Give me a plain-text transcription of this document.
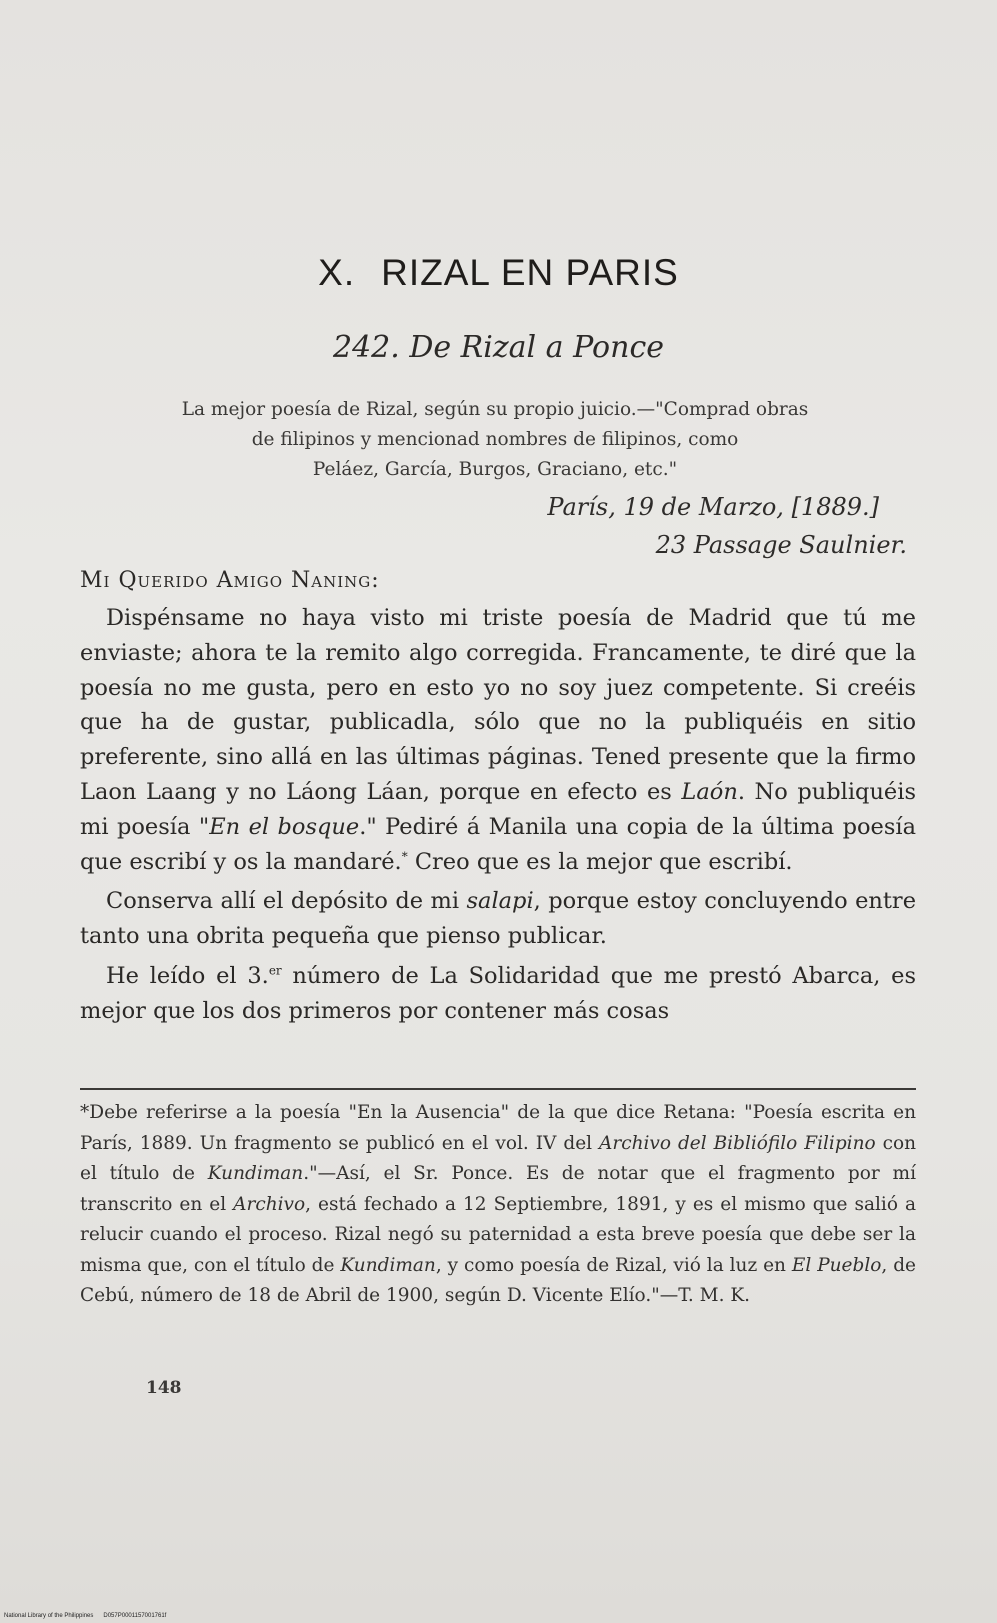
X. RIZAL EN PARIS
242. De Rizal a Ponce
La mejor poesía de Rizal, según su propio juicio.—"Comprad obras
de filipinos y mencionad nombres de filipinos, como
Peláez, García, Burgos, Graciano, etc."
París, 19 de Marzo, [1889.]
23 Passage Saulnier.
Mi Querido Amigo Naning:

Dispénsame no haya visto mi triste poesía de Madrid que tú me enviaste; ahora te la remito algo corregida. Francamente, te diré que la poesía no me gusta, pero en esto yo no soy juez competente. Si creéis que ha de gustar, publicadla, sólo que no la publiquéis en sitio preferente, sino allá en las últimas páginas. Tened presente que la firmo Laon Laang y no Láong Láan, porque en efecto es Laón. No publiquéis mi poesía "En el bosque." Pediré á Manila una copia de la última poesía que escribí y os la mandaré.* Creo que es la mejor que escribí.

Conserva allí el depósito de mi salapi, porque estoy concluyendo entre tanto una obrita pequeña que pienso publicar.

He leído el 3.$^{er}$ número de La Solidaridad que me prestó Abarca, es mejor que los dos primeros por contener más cosas

*Debe referirse a la poesía "En la Ausencia" de la que dice Retana: "Poesía escrita en París, 1889. Un fragmento se publicó en el vol. IV del Archivo del Bibliófilo Filipino con el título de Kundiman."—Así, el Sr. Ponce. Es de notar que el fragmento por mí transcrito en el Archivo, está fechado a 12 Septiembre, 1891, y es el mismo que salió a relucir cuando el proceso. Rizal negó su paternidad a esta breve poesía que debe ser la misma que, con el título de Kundiman, y como poesía de Rizal, vió la luz en El Pueblo, de Cebú, número de 18 de Abril de 1900, según D. Vicente Elío."—T. M. K.

148
National Library of the Philippines D057P0001157001761f
